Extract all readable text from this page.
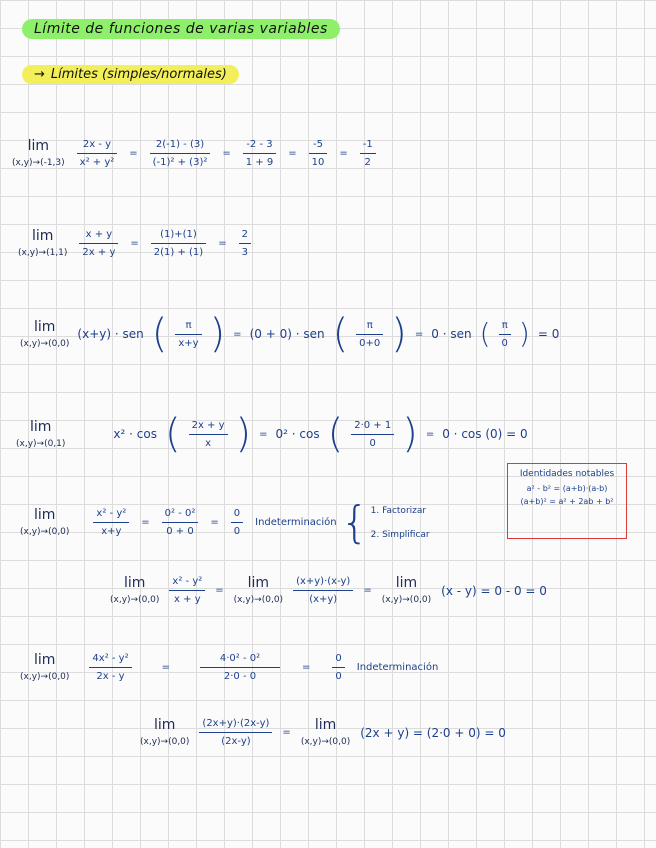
Límite de funciones de varias variables
→ Límites (simples/normales)
lim
$(x,y)\to(-1,3) \frac{2x - y}{\text{x² + y²}} = \frac{2(-1) - (3)}{\text{(-1)² + (3)²}} = \frac{-2 - 3}{1 + 9} = \frac{-5}{10} = \frac{-1}{2}$
lim
$(x,y)\to(1,1) \frac{x + y}{2x + y} = \frac{(1)+(1)}{2(1) + (1)} = \frac{2}{3}$
lim
(x,y)→(0,0)
(x+y) · sen ( $\frac{\pi}{x+y}$ ) = (0 + 0) · sen ( $\frac{\pi}{0+0}$ ) = 0 · sen ( $\frac{\pi}{0}$ ) = 0
lim
(x,y)→(0,1)
x² · cos ( $\frac{2x + y}{x}$ ) = 0² · cos ( $\frac{2\cdot 0 + 1}{0}$ ) = 0 · cos (0) = 0
Identidades notables
a² - b² = (a+b)·(a-b)
(a+b)² = a² + 2ab + b²
lim
$(x,y)\to(0,0) \frac{\text{x² - y²}}{x+y} = \frac{\text{0² - 0²}}{0 + 0} = \frac{0}{0}$ Indeterminación { 1. Factorizar
2. Simplificar
lim
$(x,y)\to(0,0) \frac{\text{x² - y²}}{x + y}$ =	lim
$(x,y)\to(0,0) \frac{(x+y)\cdot(x-y)}{(x+y)}$ =	lim
(x,y)→(0,0)
(x - y) = 0 - 0 = 0
lim
$(x,y)\to(0,0) \frac{\text{4x² - y²}}{2x - y}$	=	$\frac{\text{4·0² - 0²}}{2\cdot 0 - 0} = \frac{0}{0}$ Indeterminación
lim
$(x,y)\to(0,0) \frac{(2x+y)\cdot(2x-y)}{(2x-y)}$ =	lim
(x,y)→(0,0)
(2x + y) = (2·0 + 0) = 0
